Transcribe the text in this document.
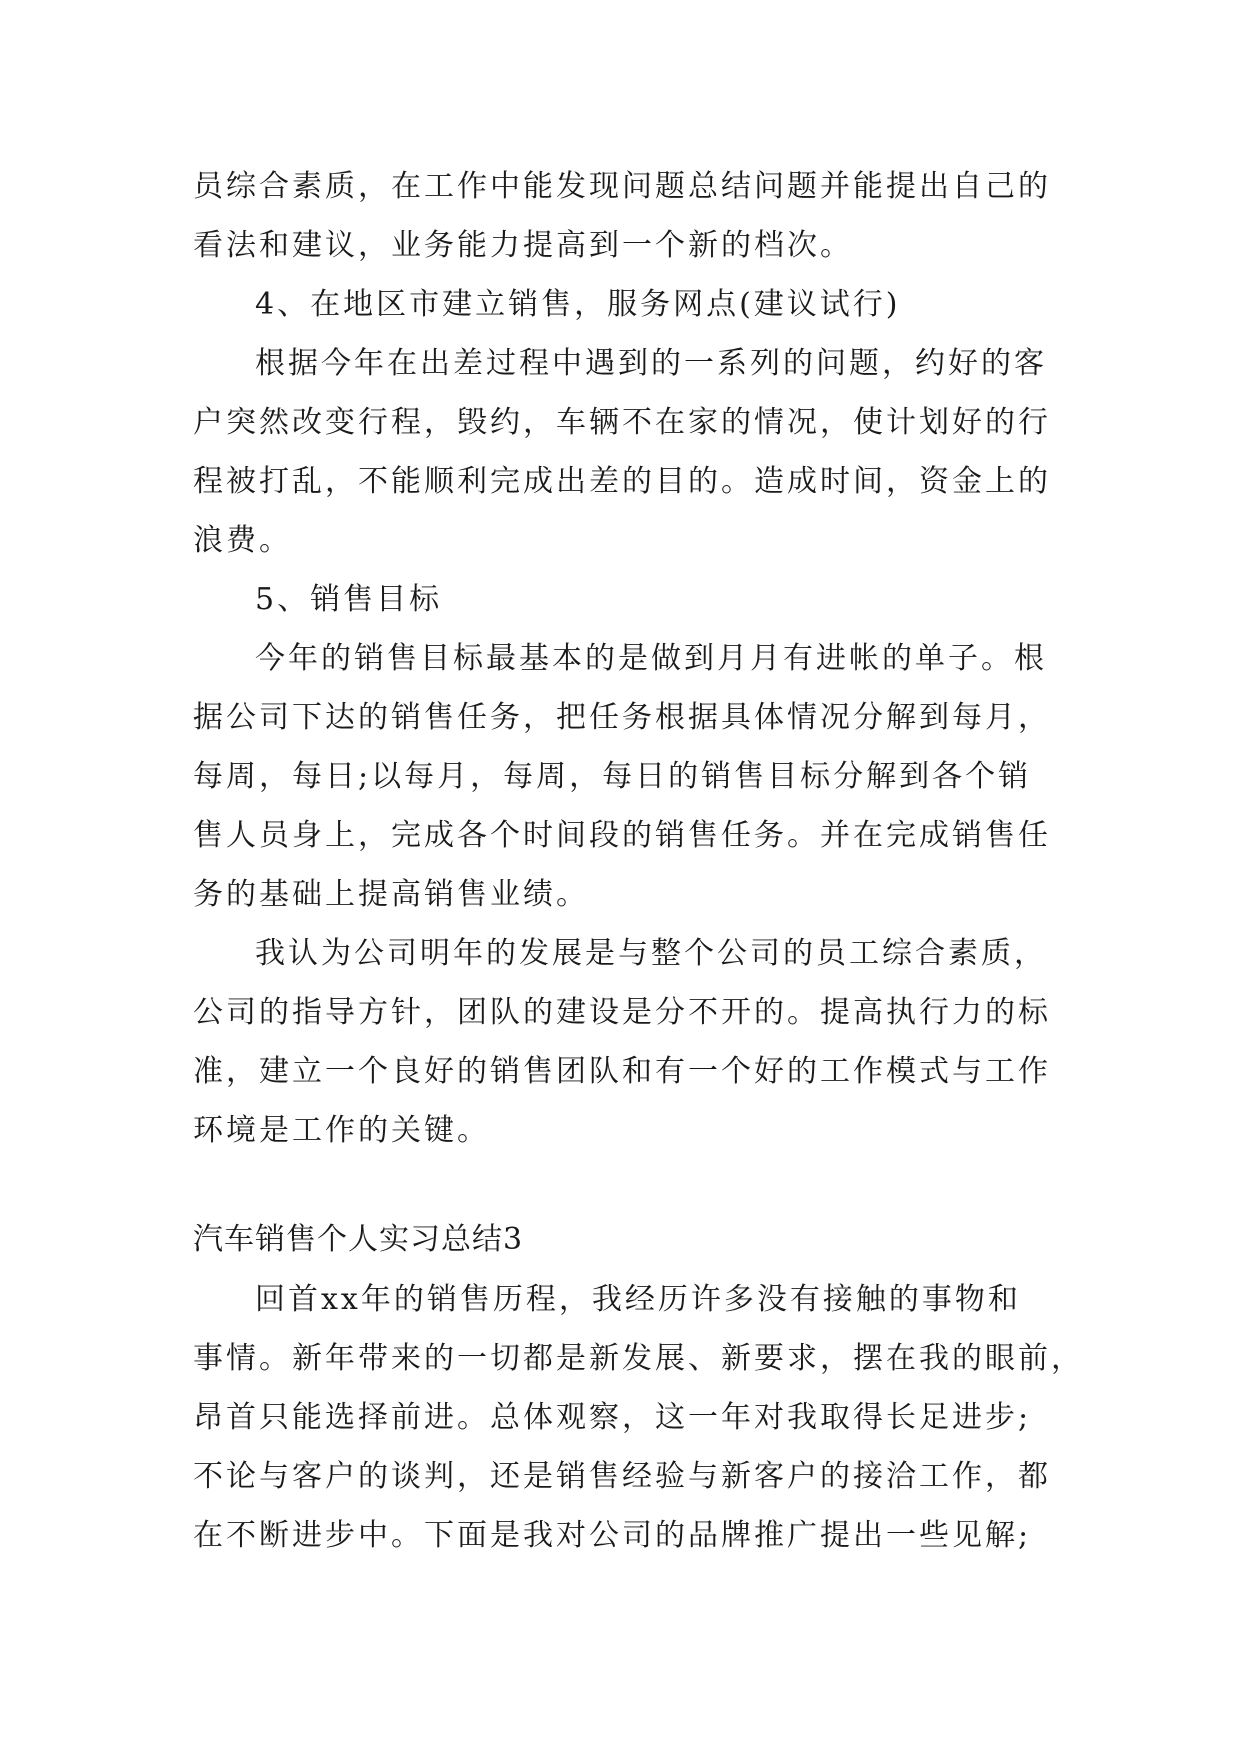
员综合素质，在工作中能发现问题总结问题并能提出自己的
看法和建议，业务能力提高到一个新的档次。
4、在地区市建立销售，服务网点(建议试行)
根据今年在出差过程中遇到的一系列的问题，约好的客
户突然改变行程，毁约，车辆不在家的情况，使计划好的行
程被打乱，不能顺利完成出差的目的。造成时间，资金上的
浪费。
5、销售目标
今年的销售目标最基本的是做到月月有进帐的单子。根
据公司下达的销售任务，把任务根据具体情况分解到每月，
每周，每日;以每月，每周，每日的销售目标分解到各个销
售人员身上，完成各个时间段的销售任务。并在完成销售任
务的基础上提高销售业绩。
我认为公司明年的发展是与整个公司的员工综合素质，
公司的指导方针，团队的建设是分不开的。提高执行力的标
准，建立一个良好的销售团队和有一个好的工作模式与工作
环境是工作的关键。
汽车销售个人实习总结3
回首xx年的销售历程，我经历许多没有接触的事物和
事情。新年带来的一切都是新发展、新要求，摆在我的眼前，
昂首只能选择前进。总体观察，这一年对我取得长足进步;
不论与客户的谈判，还是销售经验与新客户的接洽工作，都
在不断进步中。下面是我对公司的品牌推广提出一些见解;
